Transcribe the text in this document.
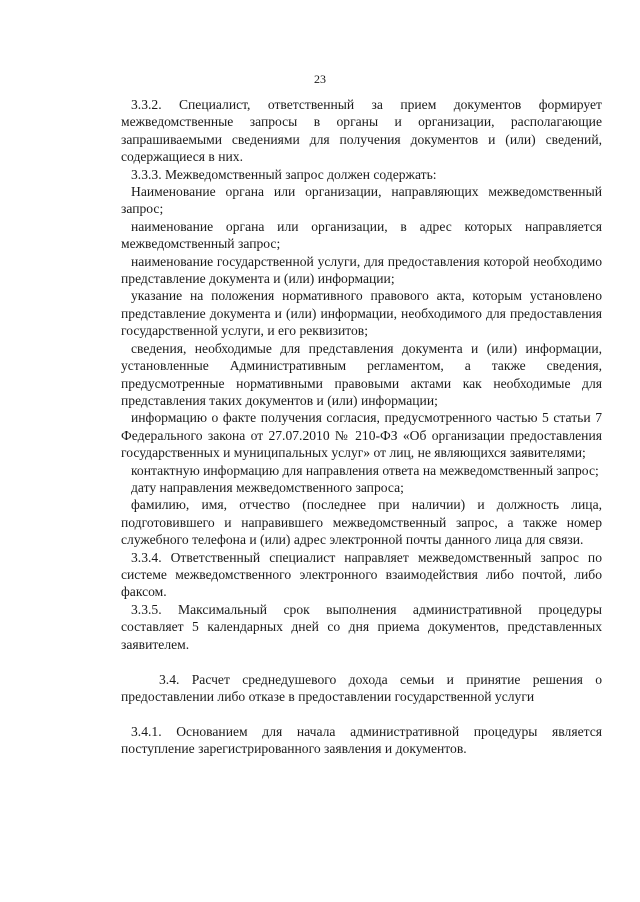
23

3.3.2. Специалист, ответственный за прием документов формирует межведомственные запросы в органы и организации, располагающие запрашиваемыми сведениями для получения документов и (или) сведений, содержащиеся в них.

3.3.3. Межведомственный запрос должен содержать:

Наименование органа или организации, направляющих межведомственный запрос;

наименование органа или организации, в адрес которых направляется межведомственный запрос;

наименование государственной услуги, для предоставления которой необходимо представление документа и (или) информации;

указание на положения нормативного правового акта, которым установлено представление документа и (или) информации, необходимого для предоставления государственной услуги, и его реквизитов;

сведения, необходимые для представления документа и (или) информации, установленные Административным регламентом, а также сведения, предусмотренные нормативными правовыми актами как необходимые для представления таких документов и (или) информации;

информацию о факте получения согласия, предусмотренного частью 5 статьи 7 Федерального закона от 27.07.2010 № 210-ФЗ «Об организации предоставления государственных и муниципальных услуг» от лиц, не являющихся заявителями;

контактную информацию для направления ответа на межведомственный запрос;

дату направления межведомственного запроса;

фамилию, имя, отчество (последнее при наличии) и должность лица, подготовившего и направившего межведомственный запрос, а также номер служебного телефона и (или) адрес электронной почты данного лица для связи.

3.3.4. Ответственный специалист направляет межведомственный запрос по системе межведомственного электронного взаимодействия либо почтой, либо факсом.

3.3.5. Максимальный срок выполнения административной процедуры составляет 5 календарных дней со дня приема документов, представленных заявителем.

3.4. Расчет среднедушевого дохода семьи и принятие решения о предоставлении либо отказе в предоставлении государственной услуги

3.4.1. Основанием для начала административной процедуры является поступление зарегистрированного заявления и документов.
